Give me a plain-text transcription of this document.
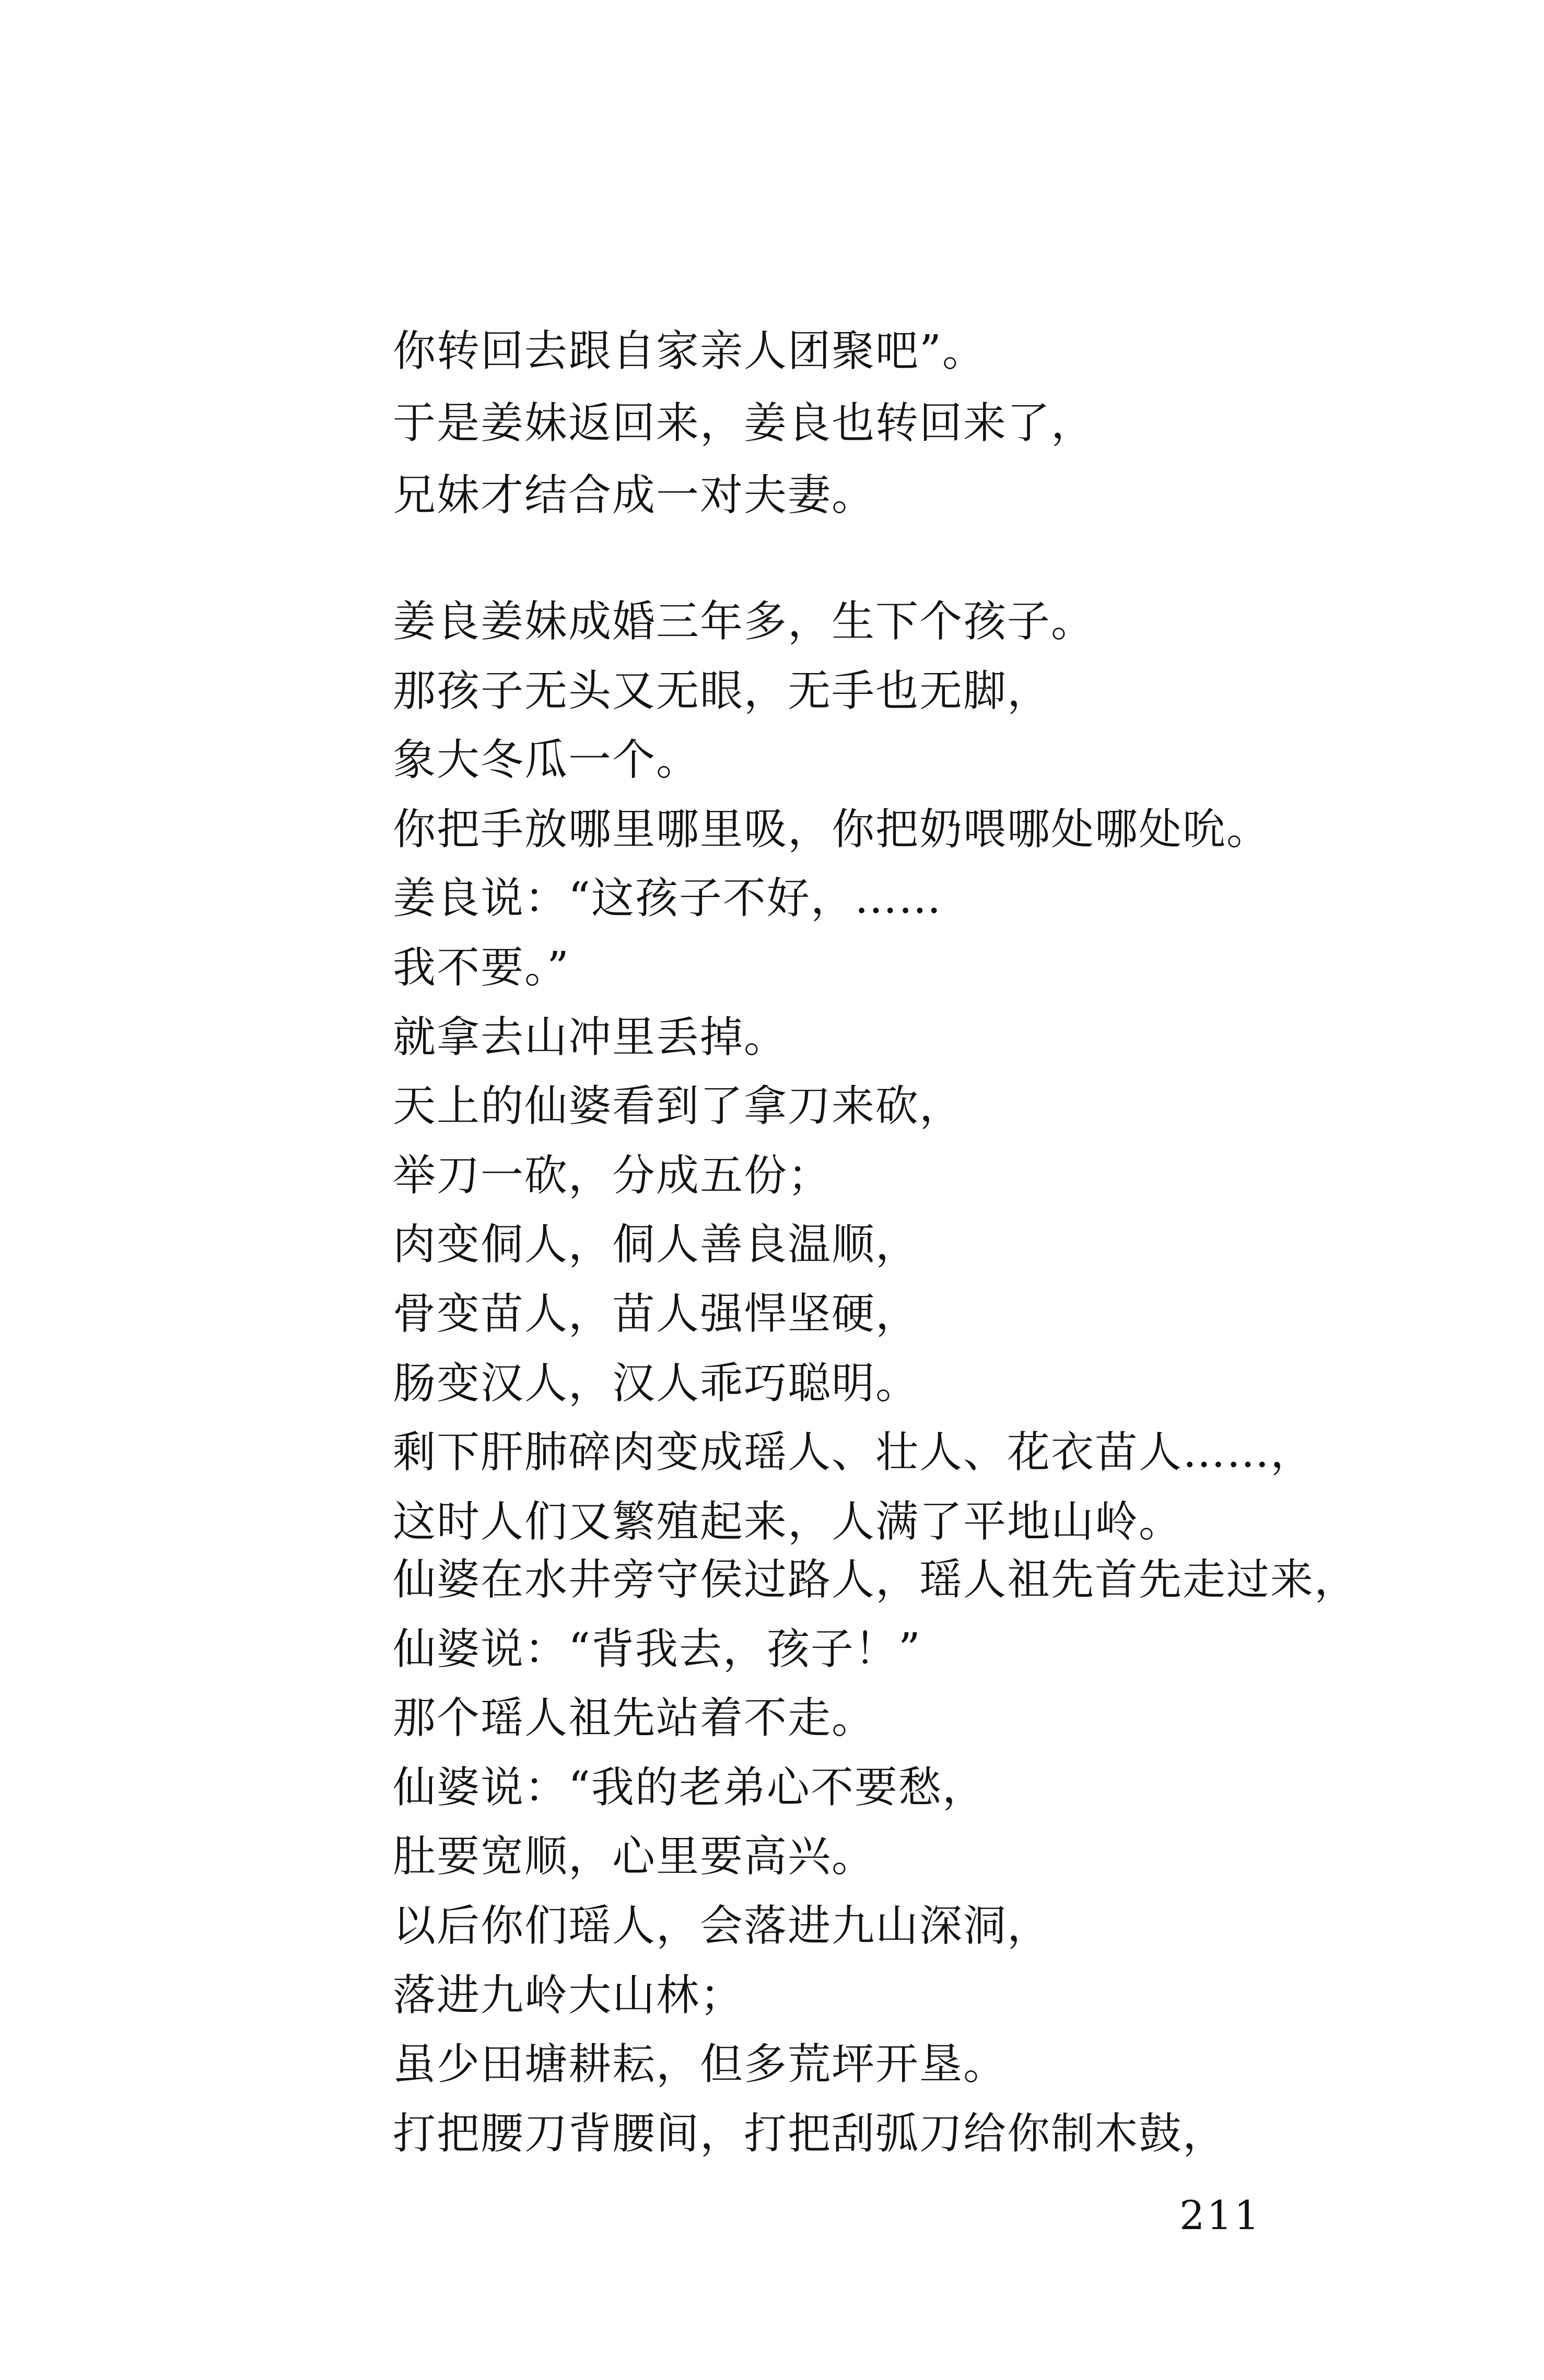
你转回去跟自家亲人团聚吧”。
于是姜妹返回来，姜良也转回来了，
兄妹才结合成一对夫妻。
姜良姜妹成婚三年多，生下个孩子。
那孩子无头又无眼，无手也无脚，
象大冬瓜一个。
你把手放哪里哪里吸，你把奶喂哪处哪处吮。
姜良说：“这孩子不好，……
我不要。”
就拿去山冲里丢掉。
天上的仙婆看到了拿刀来砍，
举刀一砍，分成五份；
肉变侗人，侗人善良温顺，
骨变苗人，苗人强悍坚硬，
肠变汉人，汉人乖巧聪明。
剩下肝肺碎肉变成瑶人、壮人、花衣苗人……，
这时人们又繁殖起来，人满了平地山岭。
仙婆在水井旁守侯过路人，瑶人祖先首先走过来，
仙婆说：“背我去，孩子！”
那个瑶人祖先站着不走。
仙婆说：“我的老弟心不要愁，
肚要宽顺，心里要高兴。
以后你们瑶人，会落进九山深洞，
落进九岭大山林；
虽少田塘耕耘，但多荒坪开垦。
打把腰刀背腰间，打把刮弧刀给你制木鼓，
211
